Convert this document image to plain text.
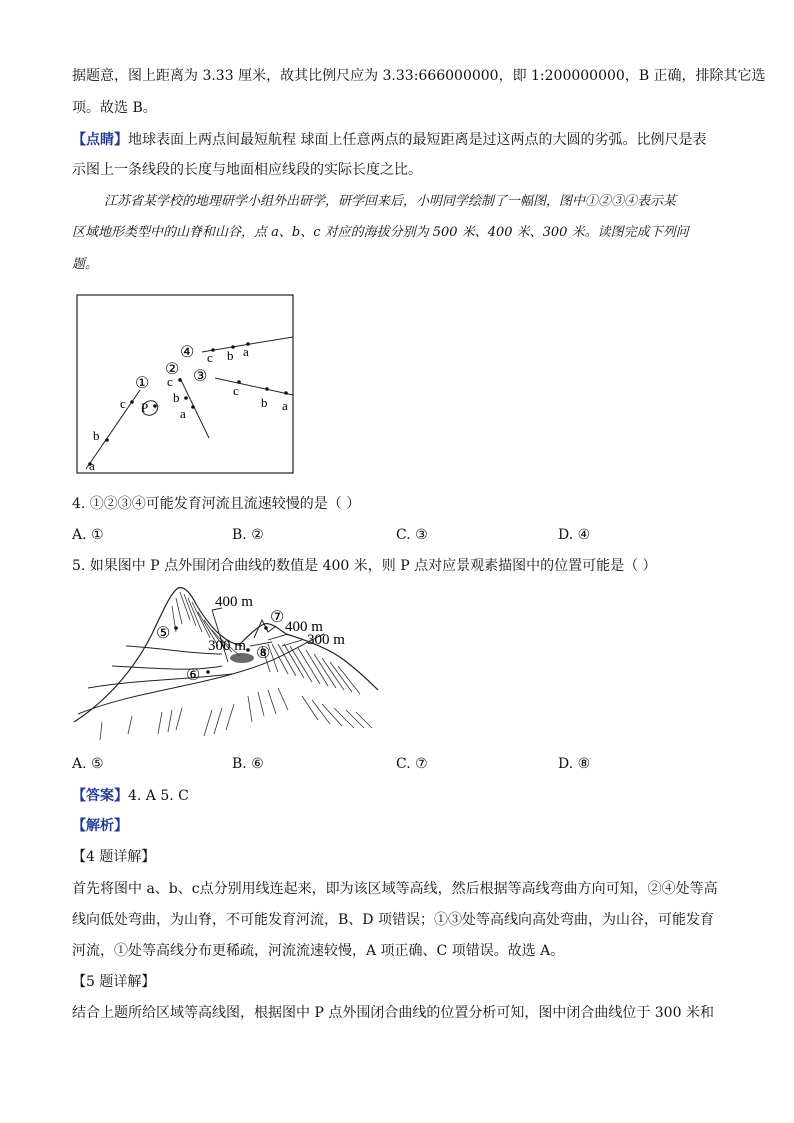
据题意，图上距离为 3.33 厘米，故其比例尺应为 3.33:666000000，即 1:200000000，B 正确，排除其它选
项。故选 B。
【点睛】地球表面上两点间最短航程 球面上任意两点的最短距离是过这两点的大圆的劣弧。比例尺是表
示图上一条线段的长度与地面相应线段的实际长度之比。
江苏省某学校的地理研学小组外出研学，研学回来后，小明同学绘制了一幅图，图中①②③④表示某
区域地形类型中的山脊和山谷，点 a、b、c 对应的海拔分别为 500 米、400 米、300 米。读图完成下列问
题。
①
② ③
④
a
b
c P
c
b
a
c
b a
c b a
4. ①②③④可能发育河流且流速较慢的是（ ）
A. ①	B. ②	C. ③	D. ④
5. 如果图中 P 点外围闭合曲线的数值是 400 米，则 P 点对应景观素描图中的位置可能是（ ）
400 m
400 m
300 m	300 m
⑤
⑥
⑦
⑧
A. ⑤	B. ⑥	C. ⑦	D. ⑧
【答案】4. A 5. C
【解析】
【4 题详解】
首先将图中 a、b、c点分别用线连起来，即为该区域等高线，然后根据等高线弯曲方向可知，②④处等高
线向低处弯曲，为山脊，不可能发育河流，B、D 项错误；①③处等高线向高处弯曲，为山谷，可能发育
河流，①处等高线分布更稀疏，河流流速较慢，A 项正确、C 项错误。故选 A。
【5 题详解】
结合上题所给区域等高线图，根据图中 P 点外围闭合曲线的位置分析可知，图中闭合曲线位于 300 米和
